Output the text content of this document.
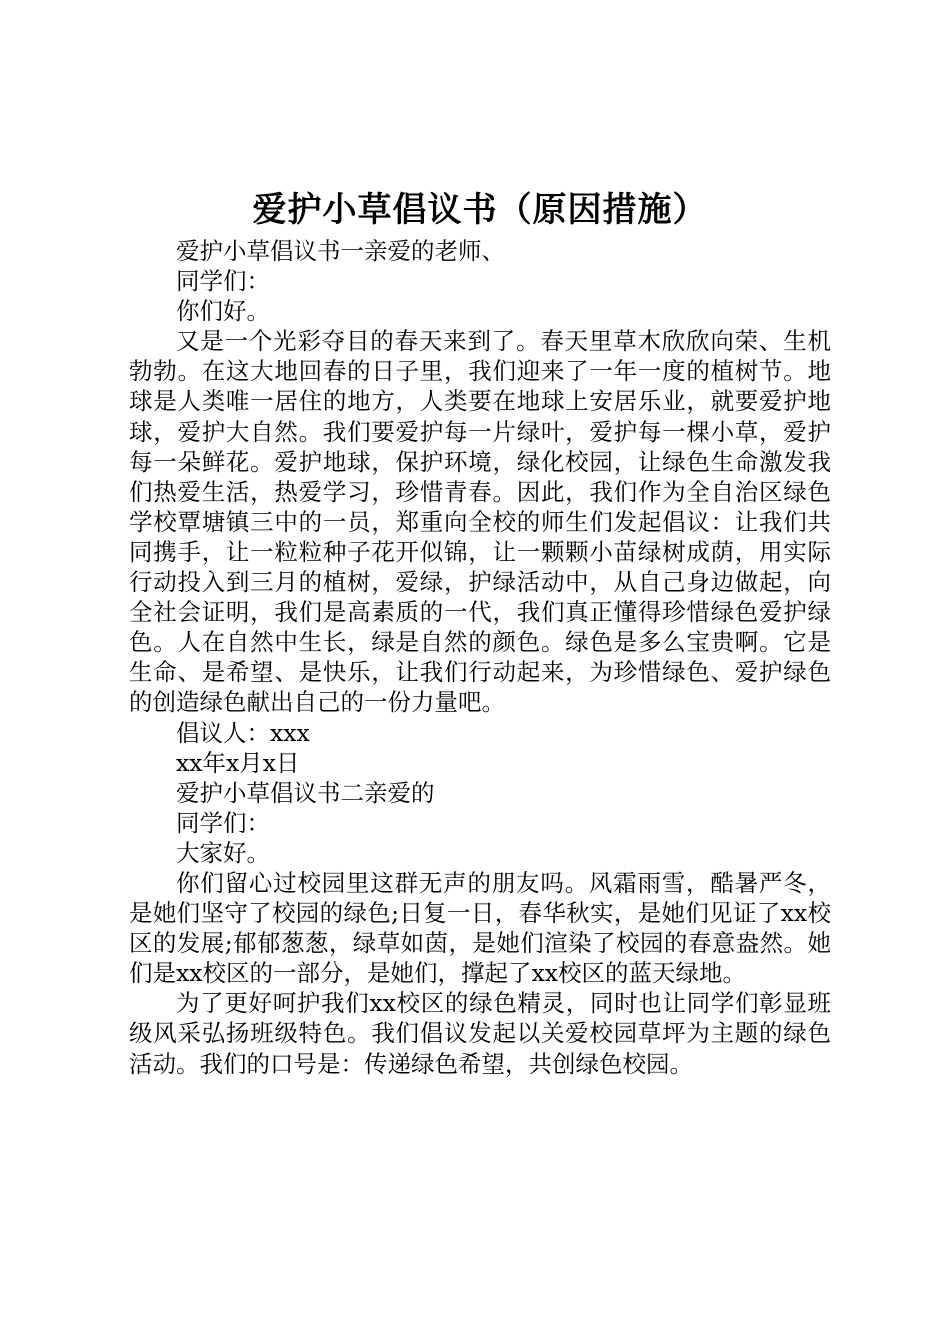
爱护小草倡议书（原因措施）

爱护小草倡议书一亲爱的老师、

同学们：

你们好。

又是一个光彩夺目的春天来到了。春天里草木欣欣向荣、生机勃勃。在这大地回春的日子里，我们迎来了一年一度的植树节。地球是人类唯一居住的地方，人类要在地球上安居乐业，就要爱护地球，爱护大自然。我们要爱护每一片绿叶，爱护每一棵小草，爱护每一朵鲜花。爱护地球，保护环境，绿化校园，让绿色生命激发我们热爱生活，热爱学习，珍惜青春。因此，我们作为全自治区绿色学校覃塘镇三中的一员，郑重向全校的师生们发起倡议：让我们共同携手，让一粒粒种子花开似锦，让一颗颗小苗绿树成荫，用实际行动投入到三月的植树，爱绿，护绿活动中，从自己身边做起，向全社会证明，我们是高素质的一代，我们真正懂得珍惜绿色爱护绿色。人在自然中生长，绿是自然的颜色。绿色是多么宝贵啊。它是生命、是希望、是快乐，让我们行动起来，为珍惜绿色、爱护绿色的创造绿色献出自己的一份力量吧。

倡议人：xxx

xx年x月x日

爱护小草倡议书二亲爱的

同学们：

大家好。

你们留心过校园里这群无声的朋友吗。风霜雨雪，酷暑严冬，是她们坚守了校园的绿色;日复一日，春华秋实，是她们见证了xx校区的发展;郁郁葱葱，绿草如茵，是她们渲染了校园的春意盎然。她们是xx校区的一部分，是她们，撑起了xx校区的蓝天绿地。

为了更好呵护我们xx校区的绿色精灵，同时也让同学们彰显班级风采弘扬班级特色。我们倡议发起以关爱校园草坪为主题的绿色活动。我们的口号是：传递绿色希望，共创绿色校园。
